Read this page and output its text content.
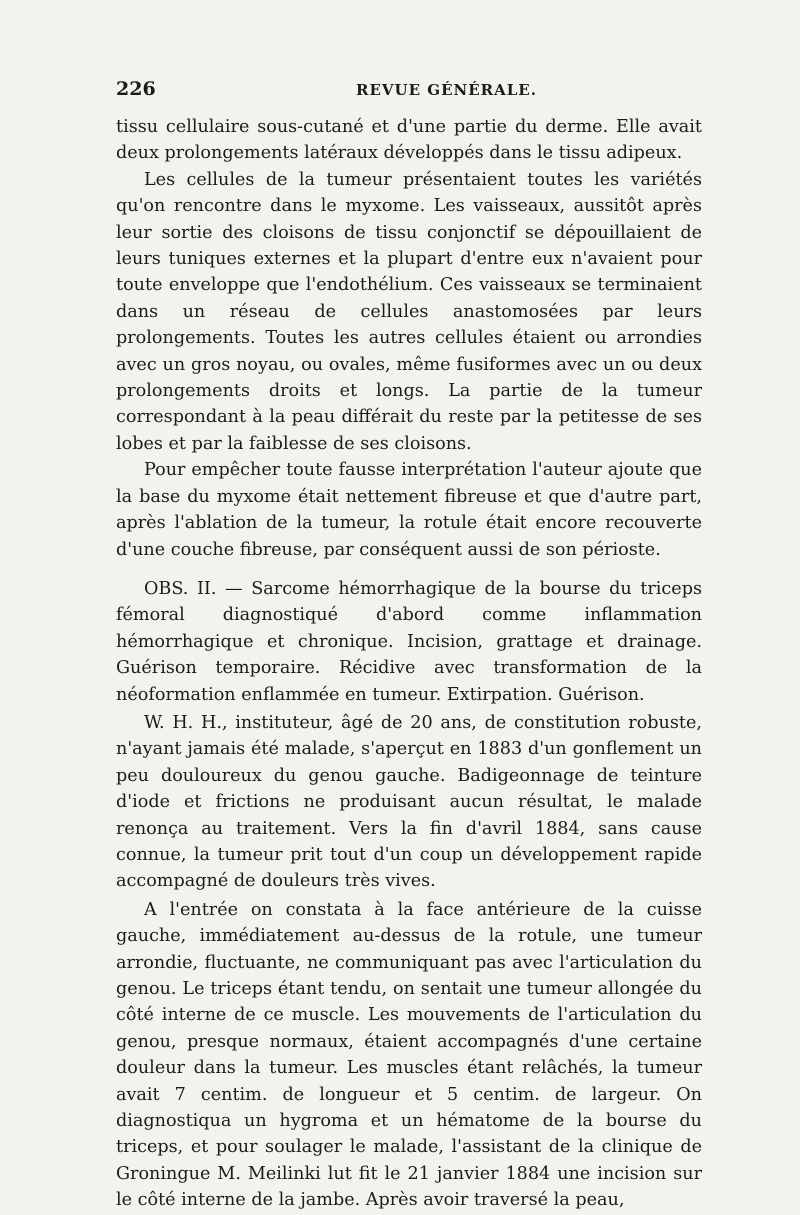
226	REVUE GÉNÉRALE.

tissu cellulaire sous-cutané et d'une partie du derme. Elle avait deux prolongements latéraux développés dans le tissu adipeux.

Les cellules de la tumeur présentaient toutes les variétés qu'on rencontre dans le myxome. Les vaisseaux, aussitôt après leur sortie des cloisons de tissu conjonctif se dépouillaient de leurs tuniques externes et la plupart d'entre eux n'avaient pour toute enveloppe que l'endothélium. Ces vaisseaux se terminaient dans un réseau de cellules anastomosées par leurs prolongements. Toutes les autres cellules étaient ou arrondies avec un gros noyau, ou ovales, même fusiformes avec un ou deux prolongements droits et longs. La partie de la tumeur correspondant à la peau différait du reste par la petitesse de ses lobes et par la faiblesse de ses cloisons.

Pour empêcher toute fausse interprétation l'auteur ajoute que la base du myxome était nettement fibreuse et que d'autre part, après l'ablation de la tumeur, la rotule était encore recouverte d'une couche fibreuse, par conséquent aussi de son périoste.

OBS. II. — Sarcome hémorrhagique de la bourse du triceps fémoral diagnostiqué d'abord comme inflammation hémorrhagique et chronique. Incision, grattage et drainage. Guérison temporaire. Récidive avec transformation de la néoformation enflammée en tumeur. Extirpation. Guérison.

W. H. H., instituteur, âgé de 20 ans, de constitution robuste, n'ayant jamais été malade, s'aperçut en 1883 d'un gonflement un peu douloureux du genou gauche. Badigeonnage de teinture d'iode et frictions ne produisant aucun résultat, le malade renonça au traitement. Vers la fin d'avril 1884, sans cause connue, la tumeur prit tout d'un coup un développement rapide accompagné de douleurs très vives.

A l'entrée on constata à la face antérieure de la cuisse gauche, immédiatement au-dessus de la rotule, une tumeur arrondie, fluctuante, ne communiquant pas avec l'articulation du genou. Le triceps étant tendu, on sentait une tumeur allongée du côté interne de ce muscle. Les mouvements de l'articulation du genou, presque normaux, étaient accompagnés d'une certaine douleur dans la tumeur. Les muscles étant relâchés, la tumeur avait 7 centim. de longueur et 5 centim. de largeur. On diagnostiqua un hygroma et un hématome de la bourse du triceps, et pour soulager le malade, l'assistant de la clinique de Groningue M. Meilinki lut fit le 21 janvier 1884 une incision sur le côté interne de la jambe. Après avoir traversé la peau,
